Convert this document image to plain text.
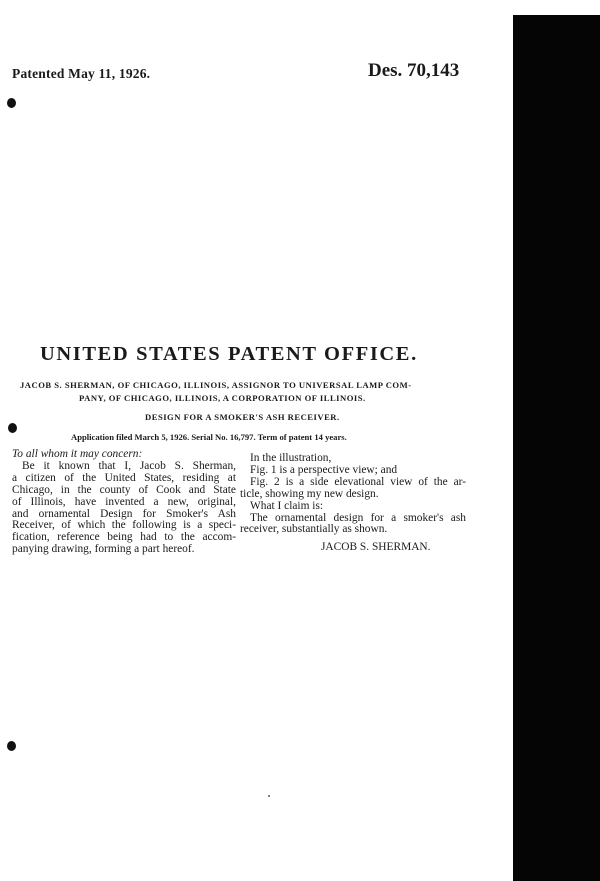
Patented May 11, 1926.	Des. 70,143
UNITED STATES PATENT OFFICE.
JACOB S. SHERMAN, OF CHICAGO, ILLINOIS, ASSIGNOR TO UNIVERSAL LAMP COM-
PANY, OF CHICAGO, ILLINOIS, A CORPORATION OF ILLINOIS.
DESIGN FOR A SMOKER'S ASH RECEIVER.
Application filed March 5, 1926. Serial No. 16,797. Term of patent 14 years.
To all whom it may concern:
Be it known that I, Jacob S. Sherman,
a citizen of the United States, residing at
Chicago, in the county of Cook and State
of Illinois, have invented a new, original,
and ornamental Design for Smoker's Ash
Receiver, of which the following is a speci-
fication, reference being had to the accom-
panying drawing, forming a part hereof.
In the illustration,
Fig. 1 is a perspective view; and
Fig. 2 is a side elevational view of the ar-
ticle, showing my new design.
What I claim is:
The ornamental design for a smoker's ash
receiver, substantially as shown.
JACOB S. SHERMAN.
